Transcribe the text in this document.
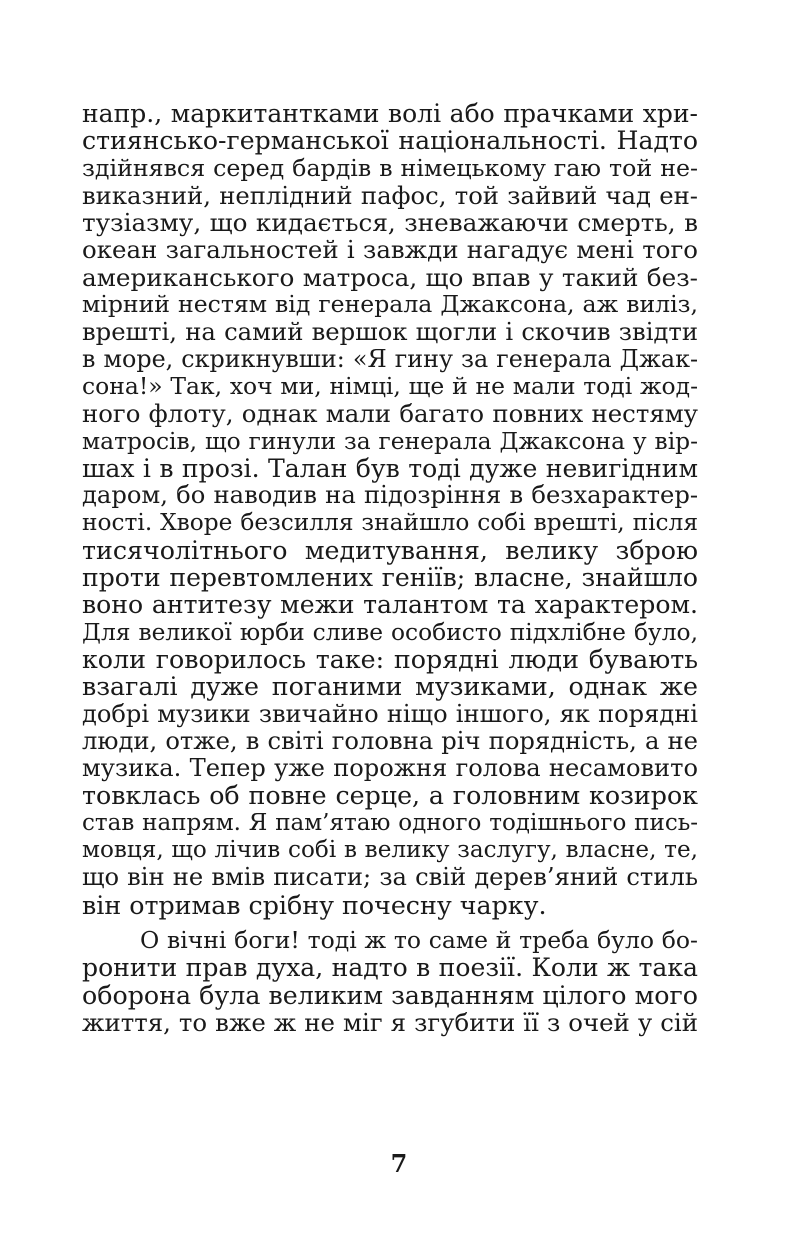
напр., маркитантками волі або прачками хри-
стиянсько-германської національності. Надто
здійнявся серед бардів в німецькому гаю той не-
виказний, неплідний пафос, той зайвий чад ен-
тузіазму, що кидається, зневажаючи смерть, в
океан загальностей і завжди нагадує мені того
американського матроса, що впав у такий без-
мірний нестям від генерала Джаксона, аж виліз,
врешті, на самий вершок щогли і скочив звідти
в море, скрикнувши: «Я гину за генерала Джак-
сона!» Так, хоч ми, німці, ще й не мали тоді жод-
ного флоту, однак мали багато повних нестяму
матросів, що гинули за генерала Джаксона у вір-
шах і в прозі. Талан був тоді дуже невигідним
даром, бо наводив на підозріння в безхарактер-
ності. Хворе безсилля знайшло собі врешті, після
тисячолітнього медитування, велику зброю
проти перевтомлених геніїв; власне, знайшло
воно антитезу межи талантом та характером.
Для великої юрби сливе особисто підхлібне було,
коли говорилось таке: порядні люди бувають
взагалі дуже поганими музиками, однак же
добрі музики звичайно ніщо іншого, як порядні
люди, отже, в світі головна річ порядність, а не
музика. Тепер уже порожня голова несамовито
товклась об повне серце, а головним козирок
став напрям. Я пам’ятаю одного тодішнього пись-
мовця, що лічив собі в велику заслугу, власне, те,
що він не вмів писати; за свій дерев’яний стиль
він отримав срібну почесну чарку.
О вічні боги! тоді ж то саме й треба було бо-
ронити прав духа, надто в поезії. Коли ж така
оборона була великим завданням цілого мого
життя, то вже ж не міг я згубити її з очей у сій
7
